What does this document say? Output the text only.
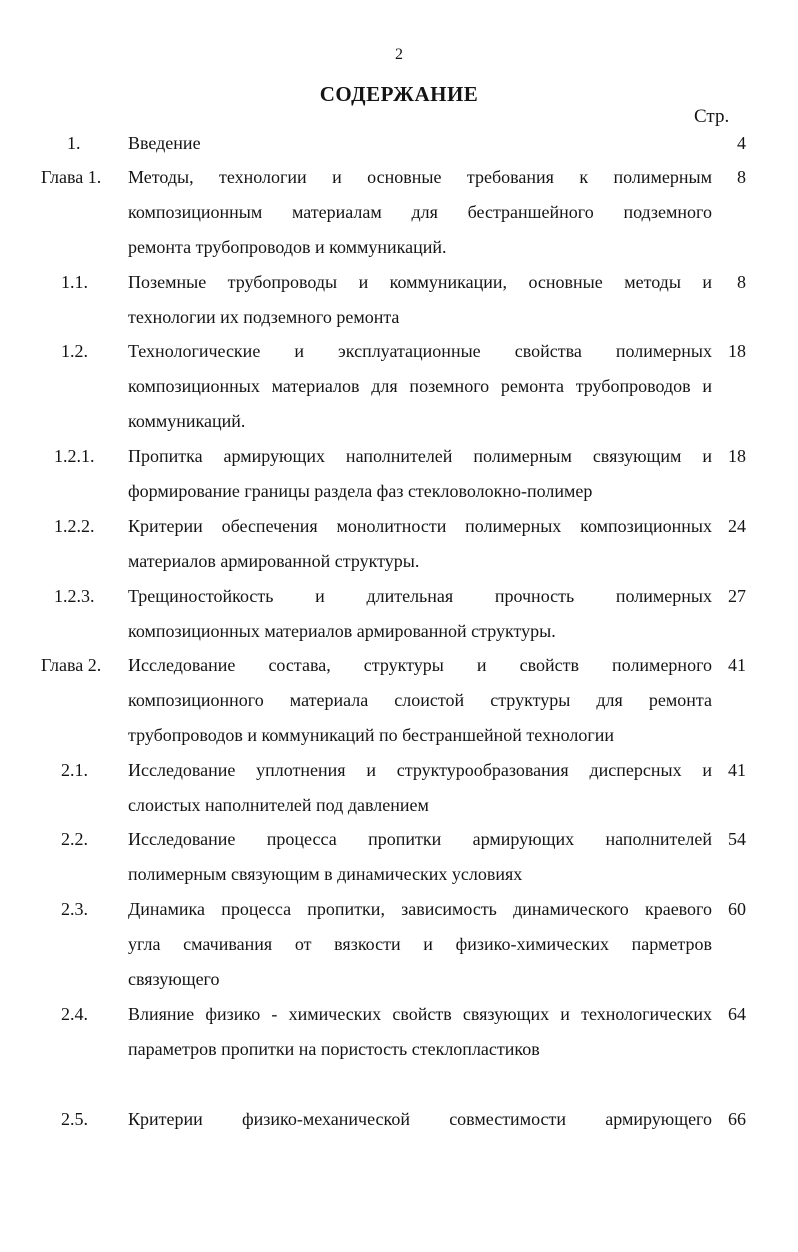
2
СОДЕРЖАНИЕ
Стр.
1.	Введение	4
Глава 1. Методы, технологии и основные требования к полимерным
композиционным материалам для бестраншейного подземного
ремонта трубопроводов и коммуникаций.
8
1.1. Поземные трубопроводы и коммуникации, основные методы и
технологии их подземного ремонта
8
1.2. Технологические и эксплуатационные свойства полимерных
композиционных материалов для поземного ремонта трубопроводов и
коммуникаций.
18
1.2.1. Пропитка армирующих наполнителей полимерным связующим и
формирование границы раздела фаз стекловолокно-полимер
18
1.2.2. Критерии обеспечения монолитности полимерных композиционных
материалов армированной структуры.
24
1.2.3. Трещиностойкость и длительная прочность полимерных
композиционных материалов армированной структуры.
27
Глава 2. Исследование состава, структуры и свойств полимерного
композиционного материала слоистой структуры для ремонта
трубопроводов и коммуникаций по бестраншейной технологии
41
2.1. Исследование уплотнения и структурообразования дисперсных и
слоистых наполнителей под давлением
41
2.2. Исследование процесса пропитки армирующих наполнителей
полимерным связующим в динамических условиях
54
2.3. Динамика процесса пропитки, зависимость динамического краевого
угла смачивания от вязкости и физико-химических парметров
связующего
60
2.4. Влияние физико - химических свойств связующих и технологических
параметров пропитки на пористость стеклопластиков
64
2.5. Критерии физико-механической совместимости армирующего 66
